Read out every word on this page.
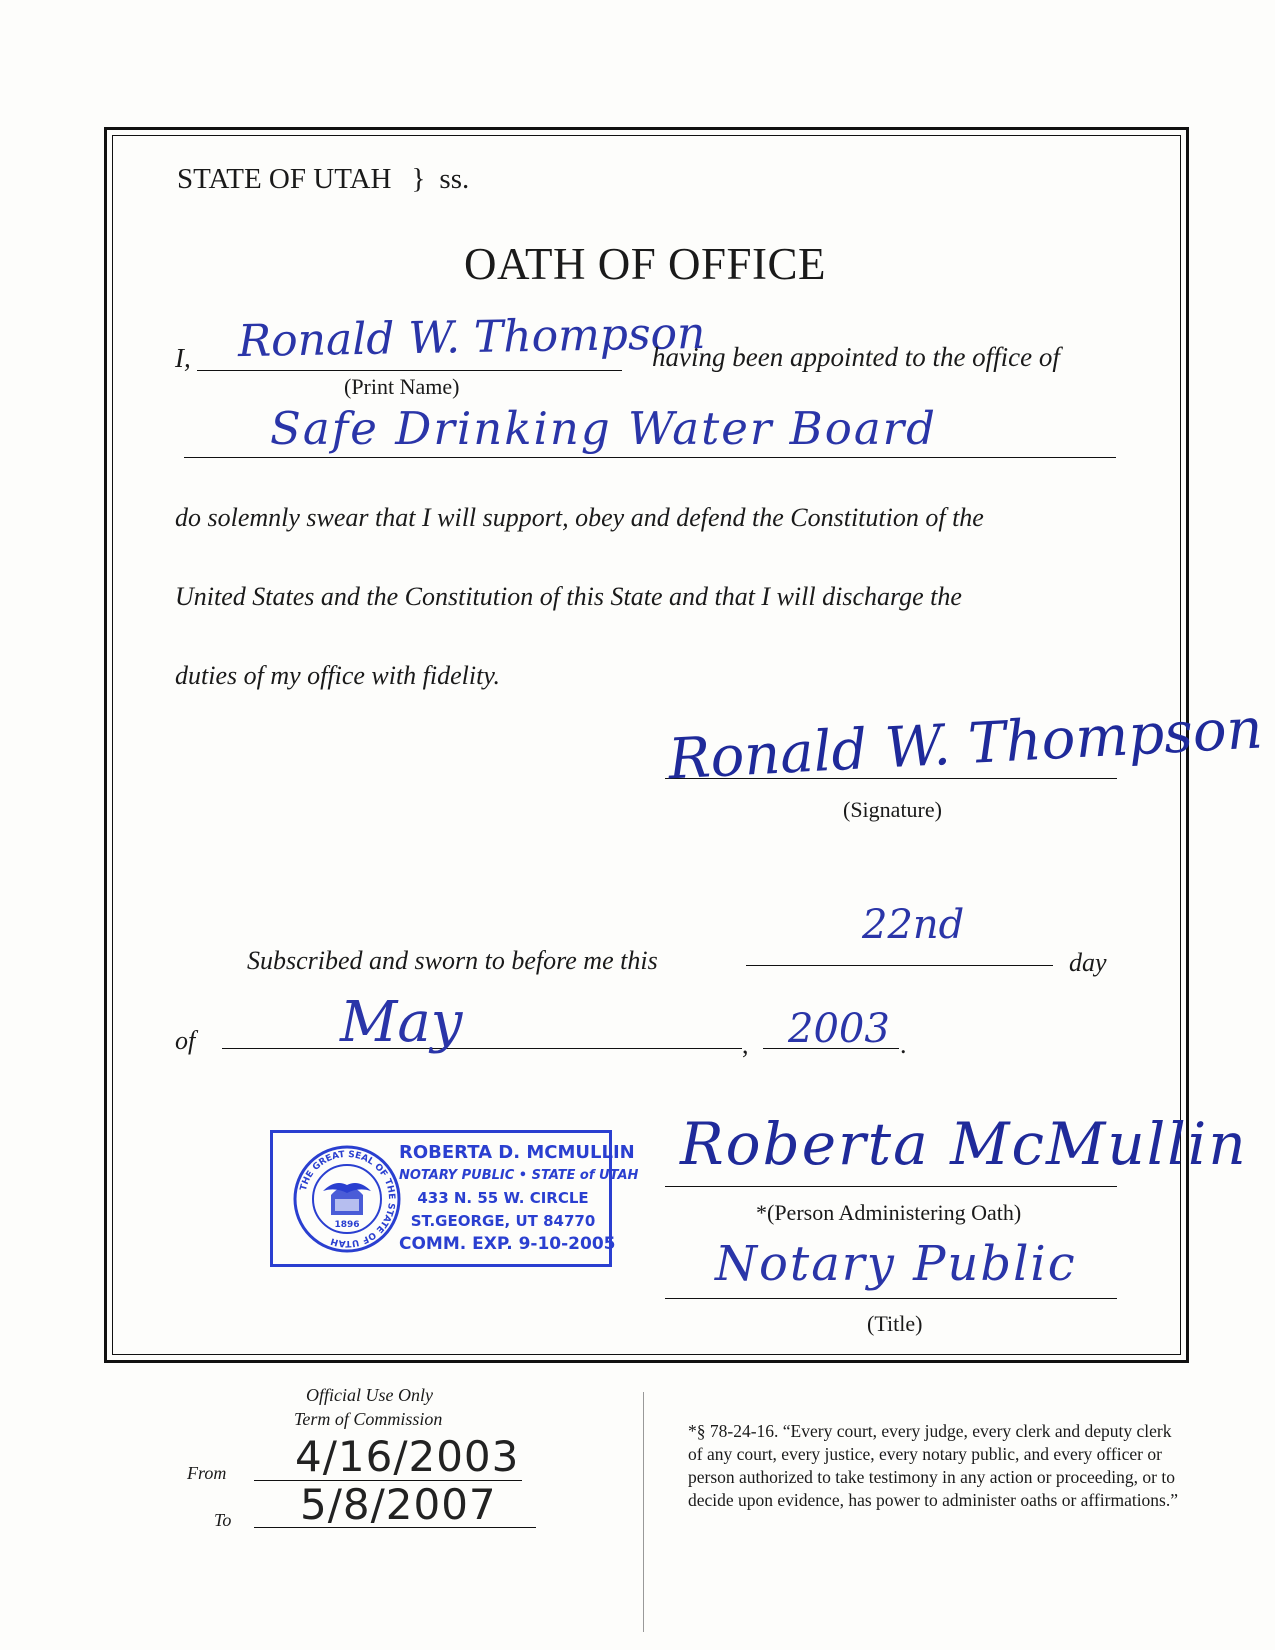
STATE OF UTAH } ss.
OATH OF OFFICE
I, Ronald W. Thompson
(Print Name)
having been appointed to the office of
Safe Drinking Water Board
do solemnly swear that I will support, obey and defend the Constitution of the
United States and the Constitution of this State and that I will discharge the
duties of my office with fidelity.
Ronald W. Thompson
(Signature)
Subscribed and sworn to before me this
22nd
day
of	May	, 2003 .
THE GREAT SEAL OF THE STATE OF UTAH
1896
ROBERTA D. MCMULLIN
NOTARY PUBLIC • STATE of UTAH
433 N. 55 W. CIRCLE
ST.GEORGE, UT 84770
COMM. EXP. 9-10-2005
Roberta McMullin
*(Person Administering Oath)
Notary Public
(Title)
Official Use Only
Term of Commission
From 4/16/2003
To 5/8/2007
*§ 78-24-16. “Every court, every judge, every clerk and deputy clerk of any court, every justice, every notary public, and every officer or person authorized to take testimony in any action or proceeding, or to decide upon evidence, has power to administer oaths or affirmations.”
